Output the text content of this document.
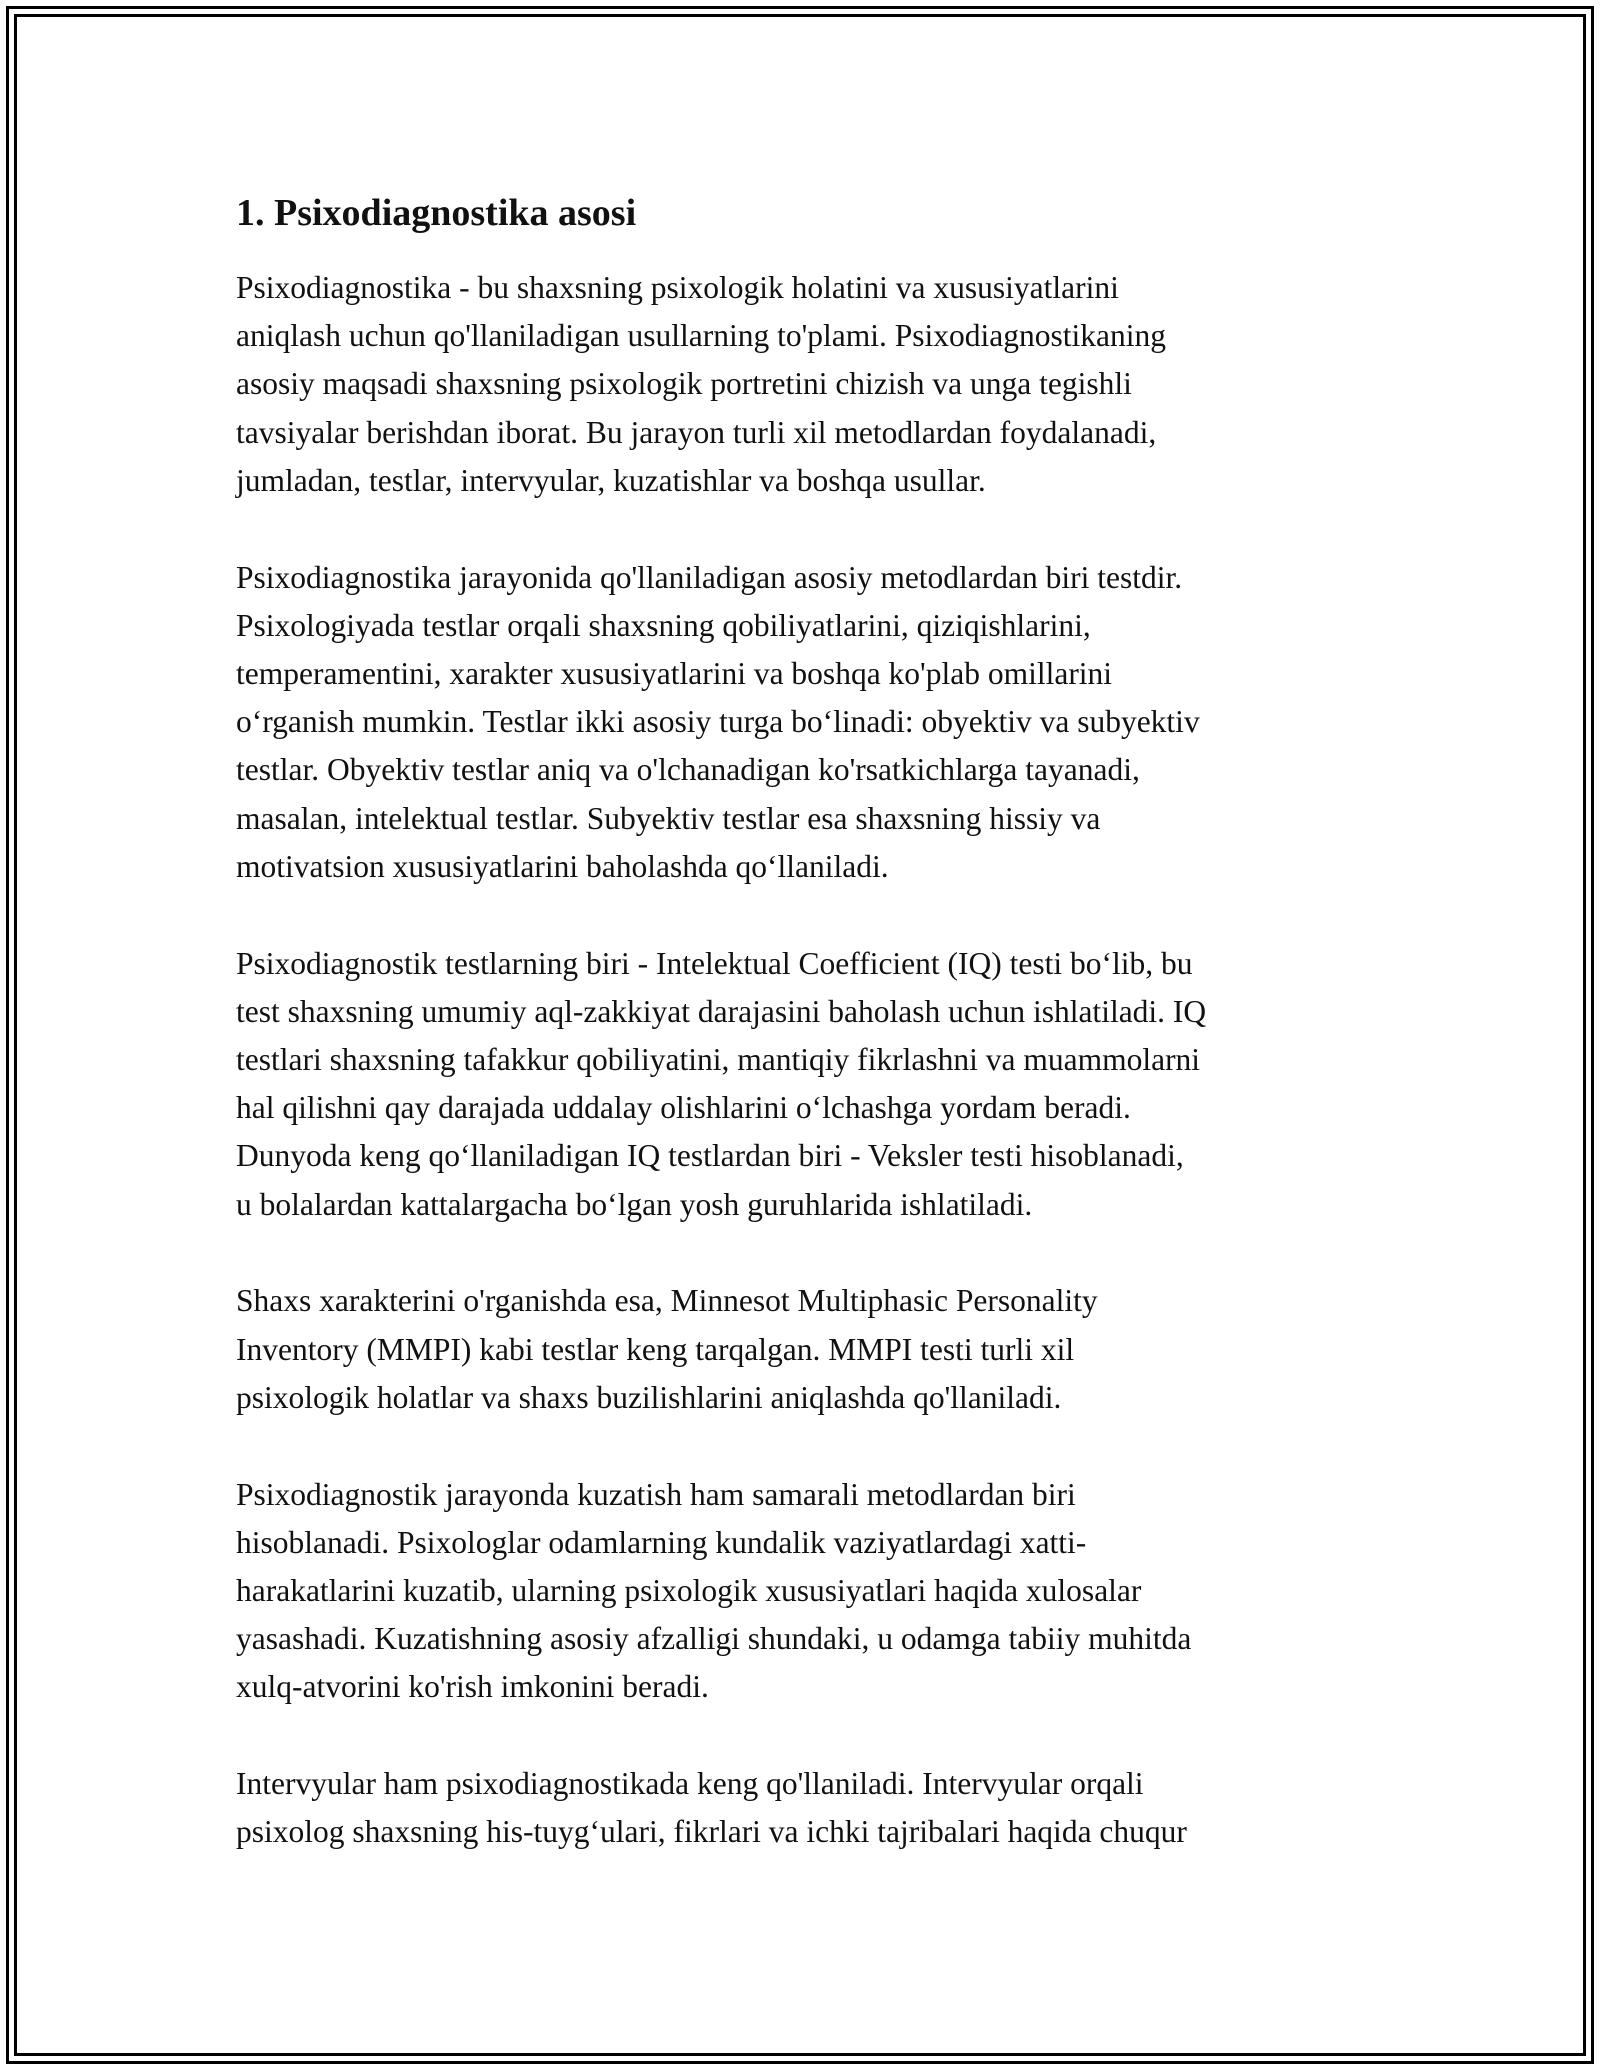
1. Psixodiagnostika asosi

Psixodiagnostika - bu shaxsning psixologik holatini va xususiyatlarini
aniqlash uchun qo'llaniladigan usullarning to'plami. Psixodiagnostikaning
asosiy maqsadi shaxsning psixologik portretini chizish va unga tegishli
tavsiyalar berishdan iborat. Bu jarayon turli xil metodlardan foydalanadi,
jumladan, testlar, intervyular, kuzatishlar va boshqa usullar.

Psixodiagnostika jarayonida qo'llaniladigan asosiy metodlardan biri testdir.
Psixologiyada testlar orqali shaxsning qobiliyatlarini, qiziqishlarini,
temperamentini, xarakter xususiyatlarini va boshqa ko'plab omillarini
o‘rganish mumkin. Testlar ikki asosiy turga bo‘linadi: obyektiv va subyektiv
testlar. Obyektiv testlar aniq va o'lchanadigan ko'rsatkichlarga tayanadi,
masalan, intelektual testlar. Subyektiv testlar esa shaxsning hissiy va
motivatsion xususiyatlarini baholashda qo‘llaniladi.

Psixodiagnostik testlarning biri - Intelektual Coefficient (IQ) testi bo‘lib, bu
test shaxsning umumiy aql-zakkiyat darajasini baholash uchun ishlatiladi. IQ
testlari shaxsning tafakkur qobiliyatini, mantiqiy fikrlashni va muammolarni
hal qilishni qay darajada uddalay olishlarini o‘lchashga yordam beradi.
Dunyoda keng qo‘llaniladigan IQ testlardan biri - Veksler testi hisoblanadi,
u bolalardan kattalargacha bo‘lgan yosh guruhlarida ishlatiladi.

Shaxs xarakterini o'rganishda esa, Minnesot Multiphasic Personality
Inventory (MMPI) kabi testlar keng tarqalgan. MMPI testi turli xil
psixologik holatlar va shaxs buzilishlarini aniqlashda qo'llaniladi.

Psixodiagnostik jarayonda kuzatish ham samarali metodlardan biri
hisoblanadi. Psixologlar odamlarning kundalik vaziyatlardagi xatti-
harakatlarini kuzatib, ularning psixologik xususiyatlari haqida xulosalar
yasashadi. Kuzatishning asosiy afzalligi shundaki, u odamga tabiiy muhitda
xulq-atvorini ko'rish imkonini beradi.

Intervyular ham psixodiagnostikada keng qo'llaniladi. Intervyular orqali
psixolog shaxsning his-tuyg‘ulari, fikrlari va ichki tajribalari haqida chuqur
